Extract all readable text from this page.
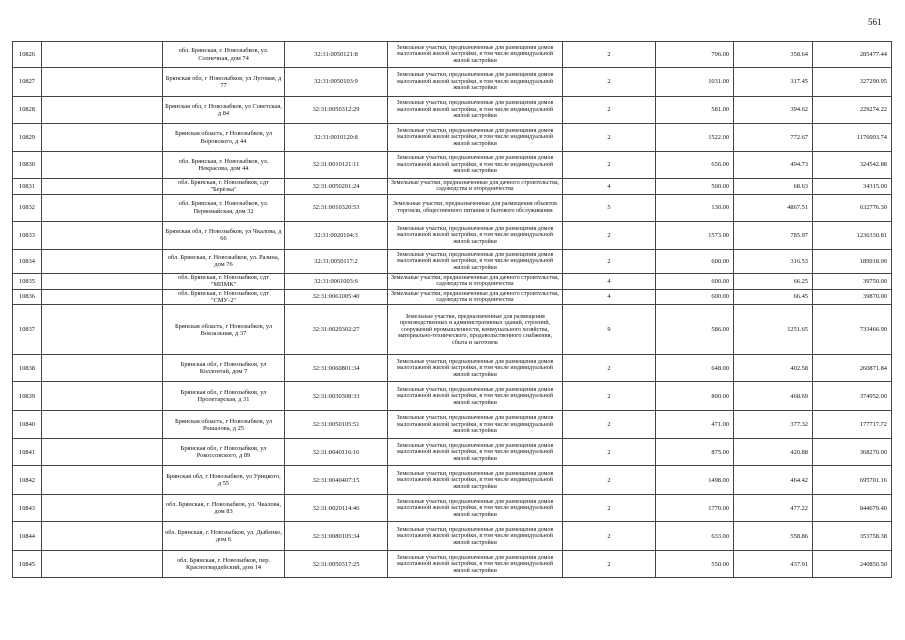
561
10826		обл. Брянская, г. Новозыбков, ул. Солнечная, дом 74	32:31:0050121:8	Земельные участки, предназначенные для размещения домов малоэтажной жилой застройки, в том числе индивидуальной жилой застройки	2	796.00	358.64	285477.44
10827		Брянская обл, г Новозыбков, ул Луговая, д 77	32:31:0050103:9	Земельные участки, предназначенные для размещения домов малоэтажной жилой застройки, в том числе индивидуальной жилой застройки	2	1031.00	317.45	327290.95
10828		Брянская обл, г Новозыбков, ул Советская, д 84	32:31:0050312:29	Земельные участки, предназначенные для размещения домов малоэтажной жилой застройки, в том числе индивидуальной жилой застройки	2	581.00	394.62	229274.22
10829		Брянская область, г Новозыбков, ул Воровского, д 44	32:31:0010120:8	Земельные участки, предназначенные для размещения домов малоэтажной жилой застройки, в том числе индивидуальной жилой застройки	2	1522.00	772.67	1176003.74
10830		обл. Брянская, г. Новозыбков, ул. Некрасова, дом 44	32:31:0010121:11	Земельные участки, предназначенные для размещения домов малоэтажной жилой застройки, в том числе индивидуальной жилой застройки	2	656.00	494.73	324542.88
10831		обл. Брянская, г. Новозыбков, сдт "Берёзка"	32:31:0050201:24	Земельные участки, предназначенные для дачного строительства, садоводства и огородничества	4	500.00	68.63	34315.00
10832		обл. Брянская, г. Новозыбков, ул. Первомайская, дом 32	32:31:0010320:53	Земельные участки, предназначенные для размещения объектов торговли, общественного питания и бытового обслуживания	5	130.00	4867.51	632776.30
10833		Брянская обл, г Новозыбков, ул Чкалова, д 66	32:31:0020104:3	Земельные участки, предназначенные для размещения домов малоэтажной жилой застройки, в том числе индивидуальной жилой застройки	2	1573.00	785.97	1236330.81
10834		обл. Брянская, г. Новозыбков, ул. Разина, дом 76	32:31:0050117:2	Земельные участки, предназначенные для размещения домов малоэтажной жилой застройки, в том числе индивидуальной жилой застройки	2	600.00	316.53	189918.00
10835		обл. Брянская, г. Новозыбков, сдт "МПМК"	32:31:0061003:6	Земельные участки, предназначенные для дачного строительства, садоводства и огородничества	4	600.00	66.25	39750.00
10836		обл. Брянская, г. Новозыбков, сдт "СМУ-2"	32:31:0061005:40	Земельные участки, предназначенные для дачного строительства, садоводства и огородничества	4	600.00	66.45	39870.00
10837		Брянская область, г Новозыбков, ул Вокзальная, д 37	32:31:0020302:27	Земельные участки, предназначенные для размещения производственных и административных зданий, строений, сооружений промышленности, коммунального хозяйства, материально-технического, продовольственного снабжения, сбыта и заготовок	9	586.00	1251.65	733466.90
10838		Брянская обл, г Новозыбков, ул Коллонтай, дом 7	32:31:0060801:34	Земельные участки, предназначенные для размещения домов малоэтажной жилой застройки, в том числе индивидуальной жилой застройки	2	648.00	402.58	260871.84
10839		Брянская обл, г Новозыбков, ул Пролетарская, д 31	32:31:0030308:33	Земельные участки, предназначенные для размещения домов малоэтажной жилой застройки, в том числе индивидуальной жилой застройки	2	800.00	468.69	374952.00
10840		Брянская область, г Новозыбков, ул Рошалова, д 25	32:31:0050105:51	Земельные участки, предназначенные для размещения домов малоэтажной жилой застройки, в том числе индивидуальной жилой застройки	2	471.00	377.32	177717.72
10841		Брянская обл, г Новозыбков, ул Рокоссовского, д 89	32:31:0040116:16	Земельные участки, предназначенные для размещения домов малоэтажной жилой застройки, в том числе индивидуальной жилой застройки	2	875.00	420.88	368270.00
10842		Брянская обл, г Новозыбков, ул Урицкого, д 55	32:31:0040407:15	Земельные участки, предназначенные для размещения домов малоэтажной жилой застройки, в том числе индивидуальной жилой застройки	2	1498.00	464.42	695701.16
10843		обл. Брянская, г. Новозыбков, ул. Чкалова, дом 83	32:31:0020114:46	Земельные участки, предназначенные для размещения домов малоэтажной жилой застройки, в том числе индивидуальной жилой застройки	2	1770.00	477.22	844679.40
10844		обл. Брянская, г. Новозыбков, ул. Дыбенко, дом 6	32:31:0080105:34	Земельные участки, предназначенные для размещения домов малоэтажной жилой застройки, в том числе индивидуальной жилой застройки	2	633.00	558.86	353758.38
10845		обл. Брянская, г. Новозыбков, пер. Красногвардейский, дом 14	32:31:0050317:25	Земельные участки, предназначенные для размещения домов малоэтажной жилой застройки, в том числе индивидуальной жилой застройки	2	550.00	437.91	240850.50
